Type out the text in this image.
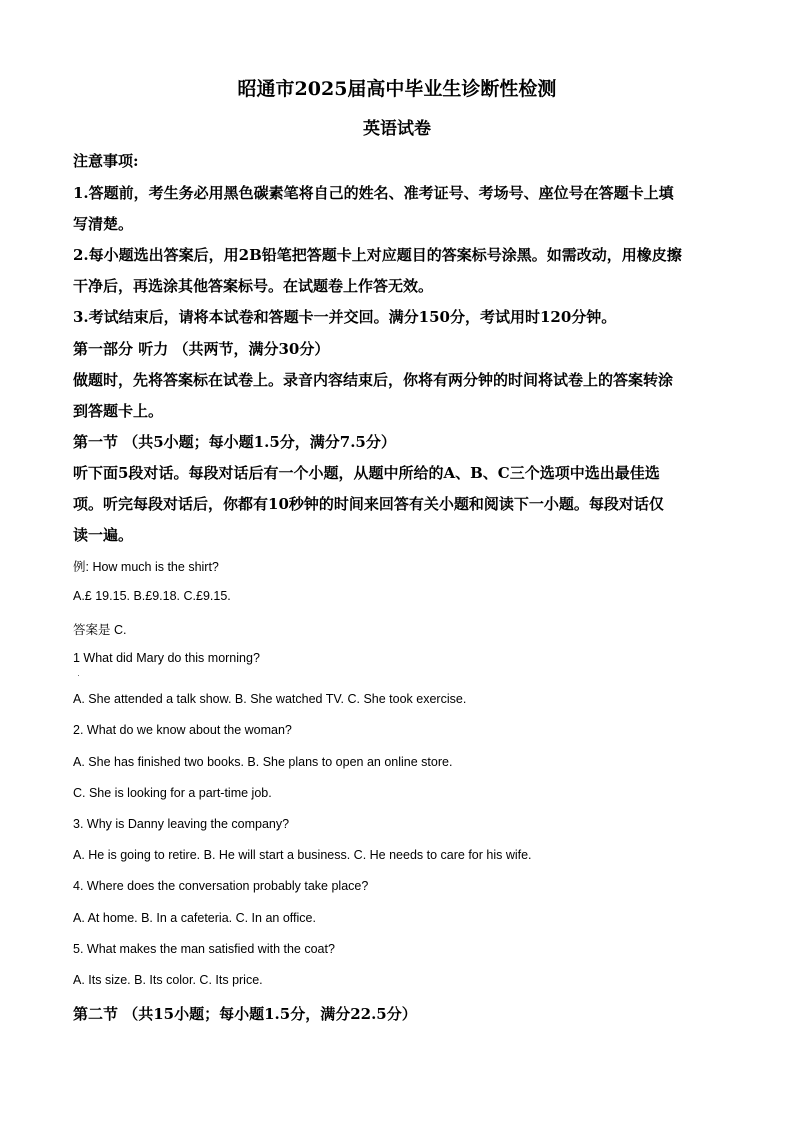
昭通市2025届高中毕业生诊断性检测
英语试卷
注意事项:
1.答题前，考生务必用黑色碳素笔将自己的姓名、准考证号、考场号、座位号在答题卡上填
写清楚。
2.每小题选出答案后，用2B铅笔把答题卡上对应题目的答案标号涂黑。如需改动，用橡皮擦
干净后，再选涂其他答案标号。在试题卷上作答无效。
3.考试结束后，请将本试卷和答题卡一并交回。满分150分，考试用时120分钟。
第一部分 听力 （共两节，满分30分）
做题时，先将答案标在试卷上。录音内容结束后，你将有两分钟的时间将试卷上的答案转涂
到答题卡上。
第一节 （共5小题；每小题1.5分，满分7.5分）
听下面5段对话。每段对话后有一个小题，从题中所给的A、B、C三个选项中选出最佳选
项。听完每段对话后，你都有10秒钟的时间来回答有关小题和阅读下一小题。每段对话仅
读一遍。
例: How much is the shirt?
A.£ 19.15. B.£9.18. C.£9.15.
答案是 C.
1 What did Mary do this morning?
·
A. She attended a talk show. B. She watched TV. C. She took exercise.
2. What do we know about the woman?
A. She has finished two books. B. She plans to open an online store.
C. She is looking for a part-time job.
3. Why is Danny leaving the company?
A. He is going to retire. B. He will start a business. C. He needs to care for his wife.
4. Where does the conversation probably take place?
A. At home. B. In a cafeteria. C. In an office.
5. What makes the man satisfied with the coat?
A. Its size. B. Its color. C. Its price.
第二节 （共15小题；每小题1.5分，满分22.5分）
